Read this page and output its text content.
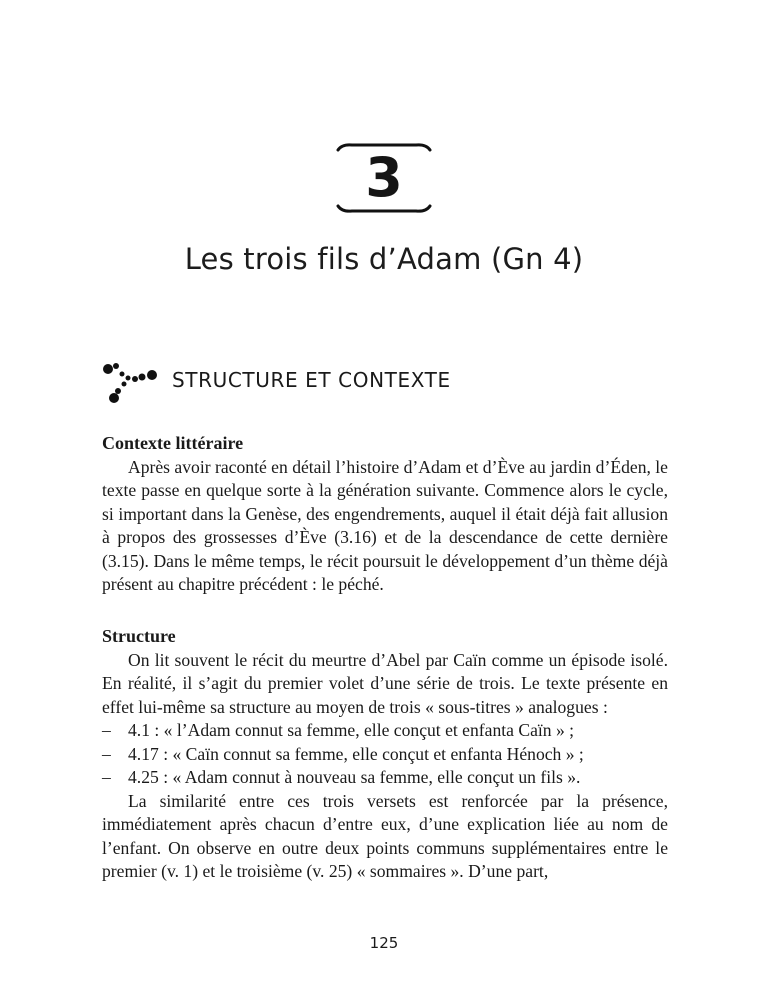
3
Les trois fils d’Adam (Gn 4)
STRUCTURE ET CONTEXTE
Contexte littéraire

Après avoir raconté en détail l’histoire d’Adam et d’Ève au jardin d’Éden, le texte passe en quelque sorte à la génération suivante. Commence alors le cycle, si important dans la Genèse, des engendrements, auquel il était déjà fait allusion à propos des grossesses d’Ève (3.16) et de la descendance de cette dernière (3.15). Dans le même temps, le récit poursuit le développement d’un thème déjà présent au chapitre précédent : le péché.

Structure

On lit souvent le récit du meurtre d’Abel par Caïn comme un épisode isolé. En réalité, il s’agit du premier volet d’une série de trois. Le texte présente en effet lui-même sa structure au moyen de trois « sous-titres » analogues :

– 4.1 : « l’Adam connut sa femme, elle conçut et enfanta Caïn » ;
– 4.17 : « Caïn connut sa femme, elle conçut et enfanta Hénoch » ;
– 4.25 : « Adam connut à nouveau sa femme, elle conçut un fils ».

La similarité entre ces trois versets est renforcée par la présence, immédiatement après chacun d’entre eux, d’une explication liée au nom de l’enfant. On observe en outre deux points communs supplémentaires entre le premier (v. 1) et le troisième (v. 25) « sommaires ». D’une part,

125
